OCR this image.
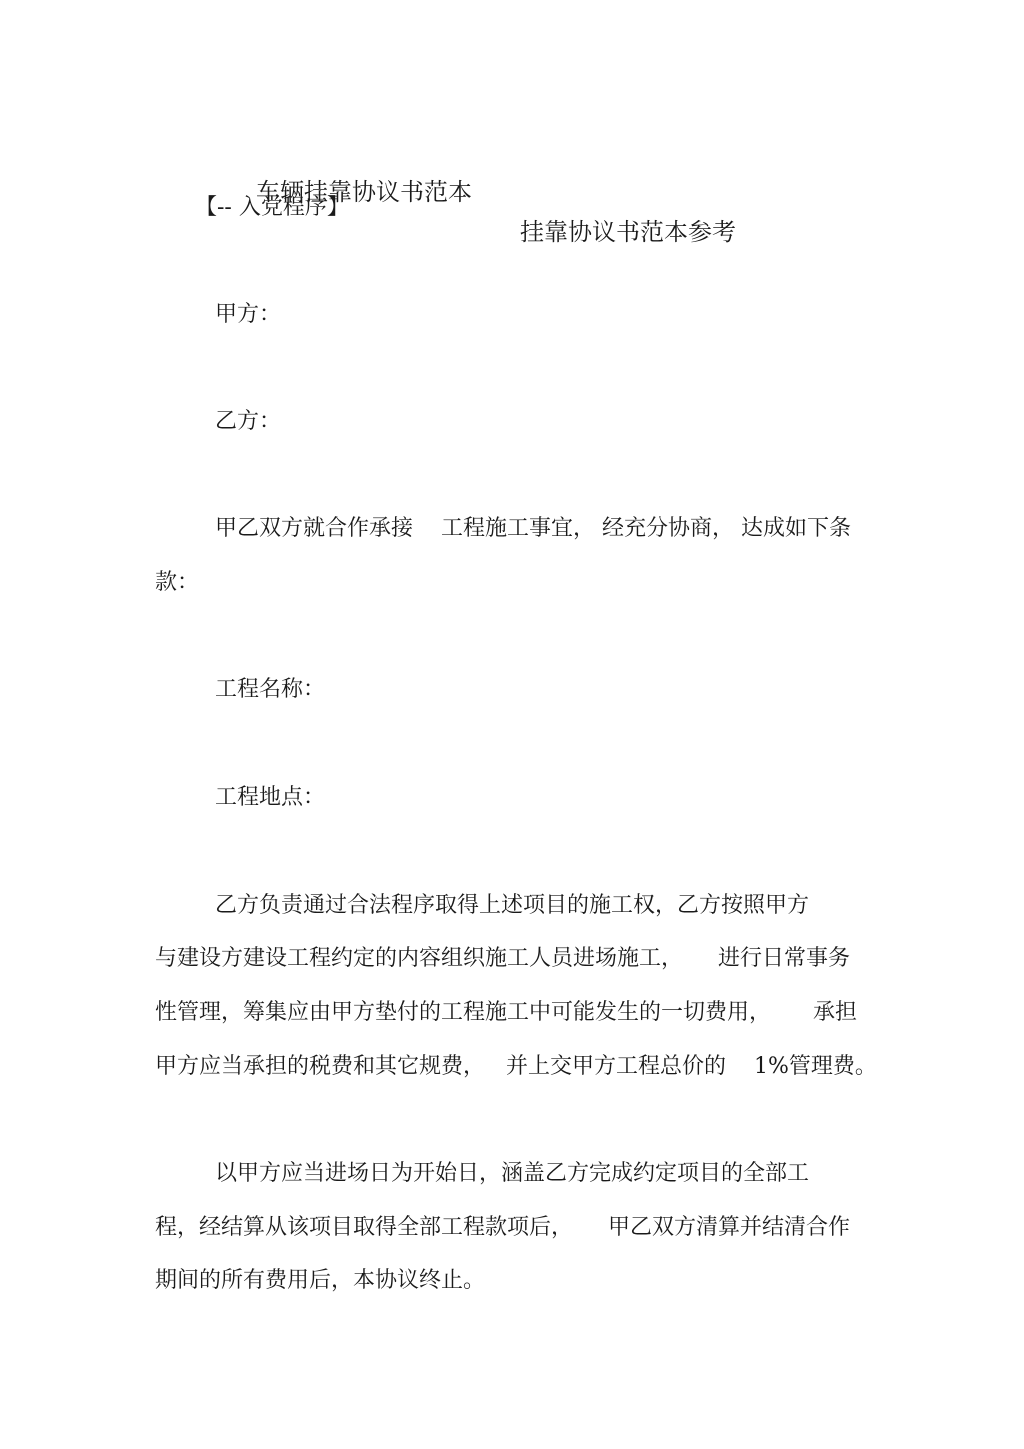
车辆挂靠协议书范本

挂靠协议书范本参考

【-- 入党程序】
甲方：
乙方：
甲乙双方就合作承接    工程施工事宜， 经充分协商， 达成如下条
款：
工程名称：
工程地点：
乙方负责通过合法程序取得上述项目的施工权，乙方按照甲方
与建设方建设工程约定的内容组织施工人员进场施工，     进行日常事务
性管理，筹集应由甲方垫付的工程施工中可能发生的一切费用，      承担
甲方应当承担的税费和其它规费，   并上交甲方工程总价的    1%管理费。
以甲方应当进场日为开始日，涵盖乙方完成约定项目的全部工
程，经结算从该项目取得全部工程款项后，     甲乙双方清算并结清合作
期间的所有费用后，本协议终止。
